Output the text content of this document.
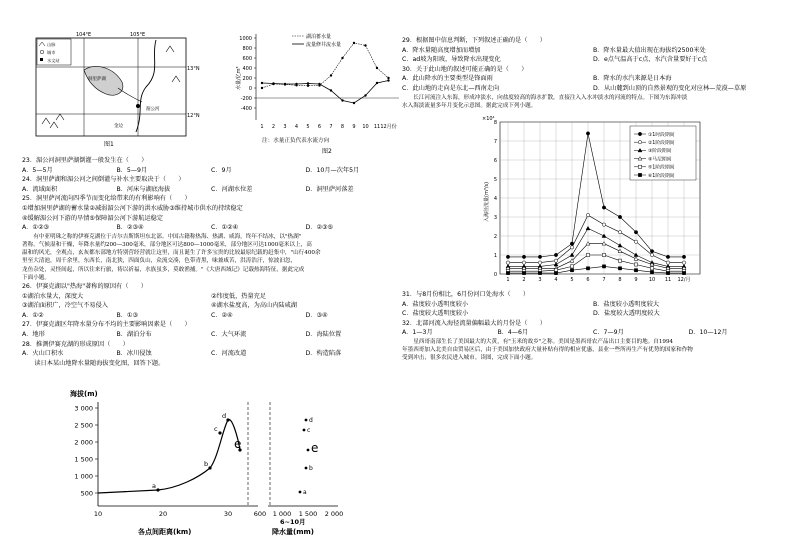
104°E	105°E
13°N
12°N
洞里萨湖
湄公河
金边
山脉
城市
水文站
图1
水量/亿m³
1000
800
600
400
200
0
-200
-400
1 2 3 4 5 6 7 8 9 10 11 12月份
湖泊蓄水量
流量修井流水量
注：水量正负代表水流方向
图2
23．湄公河洞里萨湖倒灌一般发生在（　　）
A．5—5月	B．5—9月	C．9月	D．10月—次年5月
24．洞里萨湖和湄公河之间倒灌与补水主要取决于（　　）
A．流域面积	B．河床与湖底海拔	C．河湖水位差	D．洞里萨河落差
25．洞里萨河流向四季节而变化给带来的有利影响有（　　）
①增加洞里萨湖的蓄水量②减弱湄公河下游的洪水威胁③维持城市供水的持续稳定
④缓解湄公河下游的旱情⑤保障湄公河下游航运稳定
A．①②③	B．②③④	C．①②④	D．②③⑤
　　有中亚明珠之称的伊赛克湖位于吉尔吉斯斯坦东北部。中国古籍称热海、热湖、咸海，终年不结冰，以"热湖"
著称。气候湿和干燥，年降水量约200—300毫米，部分地区可达800—1000毫米，部分地区可达1000毫米以上，高
温和的风光，全观点，玄灰都东部地方特别营经营就让这里，而且诞生了许多宝贵的比较最原纪载的赶集中，"山行400余
里至大清池，周千余里，东西长，南北狭，四面负山，众流交凑，色带青黑，味兼咸苦，洪涛浩汗，惊波汩忽，
龙鱼杂处，灵怪间起，所以往来行旅，祷以祈福，水族虽多，莫敢渔捕。"《大唐西域记》记载热海特征，据此完成
下面小题。
26．伊赛克湖以"热海"著称的原因有（　　）
①湖泊水量大，深度大	②纬度低，热量充足
③湖泊面积广，冷空气不易侵入	④湖水盐度高，为高山内陆咸湖
A．①②	B．①③	C．②④	D．③④
27．伊赛克湖区年降水量分布不均的主要影响因素是（　　）
A．地形	B．湖泊分布	C．大气环流	D．海陆位置
28．推测伊赛克湖的形成原因（　　）
A．火山口积水	B．冰川侵蚀	C．河流改道	D．构造陷落
　　读日本某山地降水量随海拔变化图，回答下题。
海拔(m)
3 000
2 500
2 000
1 500
1 000
500
10	20	30	600 1 000 1 500 2 000
a
b
c
d
e
a
b
c
d
e
各点间距离(km)
6~10月
降水量(mm)
29．根据图中信息判断，下列叙述正确的是（　　）
A．降水量随高度增加而增加	B．降水量最大值出现在海拔约2500米处
C．ad坡为阳坡，导致降水出现变化	D．e点气温高于c点，水汽含量要好于c点
30．关于此山地的叙述可能正确的是（　　）
A．此山降水的主要类型是锋面雨	B．降水的水汽来源是日本海
C．此山地的走向是东北—西南走向	D．从山麓到山顶的自然景观的变化对应林—荒漠—草原
　　长江河流注入东海，形成冲淡水，向盐度较高的海水扩散，直接注入入水冲淡水的河流的特点。下图为东海冲淡
水入海淡流量多年月变化示意图。据此完成下列小题。
×10⁴
入海径流量(m³/s)
8
7
6
5
4
3
2
1
0
1	2	3	4	5	6	7	8	9 10 11 12/月
①1时段期间
②1阶段期间
③阶段期间
④马尼期间
⑤1阶段期间
⑥1阶段期间
31．与8月份相比，6月份河口处海水（　　）
A．盐度较小透明度较小	B．盐度较小透明度较大
C．盐度较大透明度较小	D．盐度较大透明度较大
32．北部河流入海径流量偏幅最大的月份是（　　）
A．1—3月	B．4—6月	C．7—9月	D．10—12月
　　星西哥南部生长了美国最大的大黄，有"玉米的故乡"之称。美国是墨西哥农产品出口主要目的地。自1994
年墨西哥加入北美自由贸易区后，由于美国加快政府大量补贴有得的相应优惠，县业一些所再生产有优势的国家和作物
受到冲击，很多农民进入城市。读图，完成下面小题。
